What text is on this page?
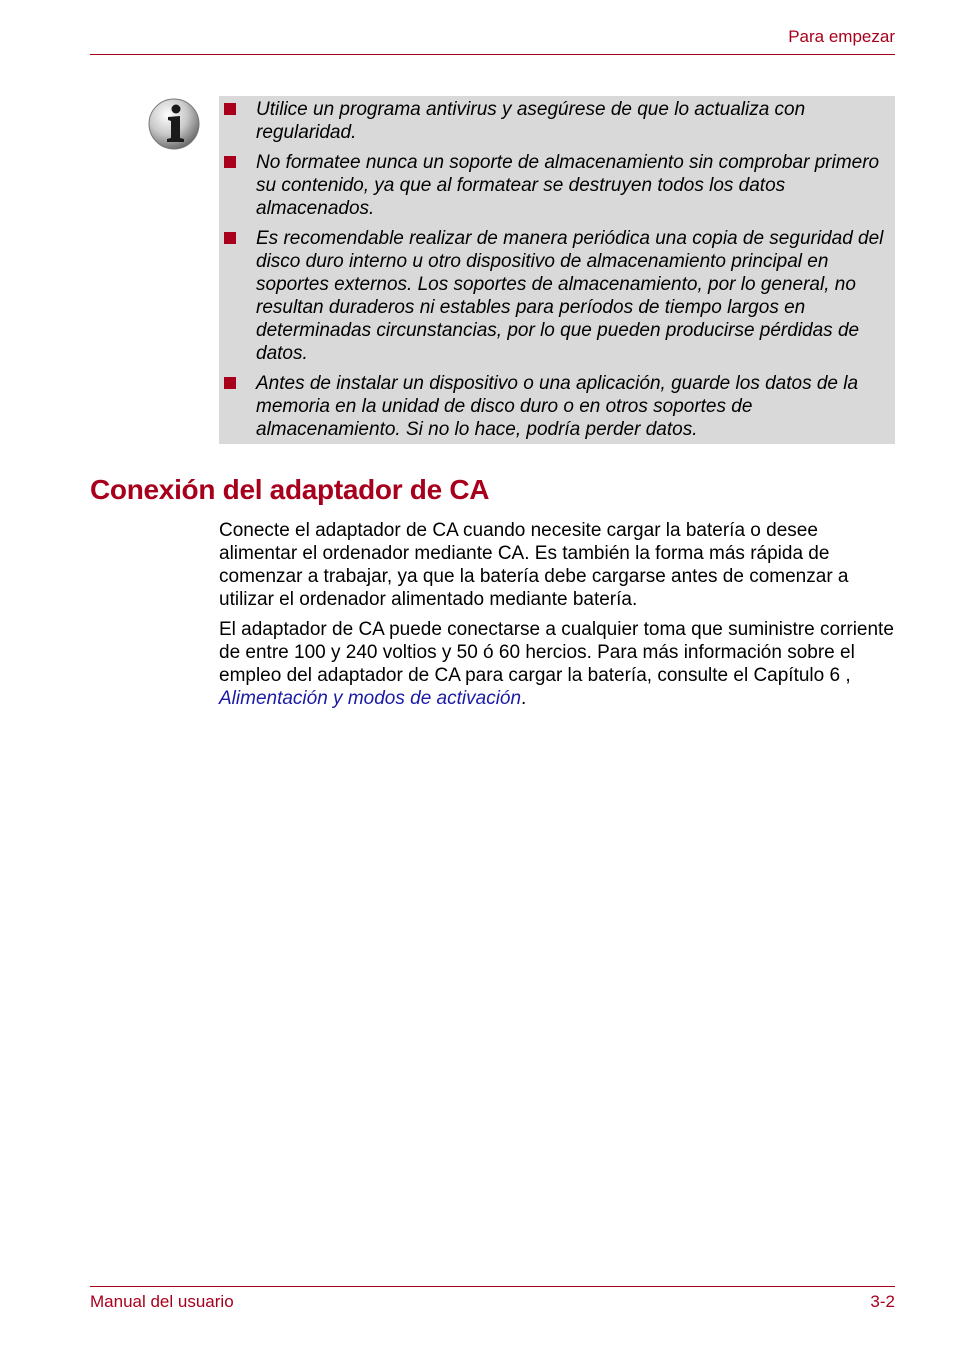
Para empezar
Utilice un programa antivirus y asegúrese de que lo actualiza con regularidad.
No formatee nunca un soporte de almacenamiento sin comprobar primero su contenido, ya que al formatear se destruyen todos los datos almacenados.
Es recomendable realizar de manera periódica una copia de seguridad del disco duro interno u otro dispositivo de almacenamiento principal en soportes externos. Los soportes de almacenamiento, por lo general, no resultan duraderos ni estables para períodos de tiempo largos en determinadas circunstancias, por lo que pueden producirse pérdidas de datos.
Antes de instalar un dispositivo o una aplicación, guarde los datos de la memoria en la unidad de disco duro o en otros soportes de almacenamiento. Si no lo hace, podría perder datos.
Conexión del adaptador de CA

Conecte el adaptador de CA cuando necesite cargar la batería o desee alimentar el ordenador mediante CA. Es también la forma más rápida de comenzar a trabajar, ya que la batería debe cargarse antes de comenzar a utilizar el ordenador alimentado mediante batería.

El adaptador de CA puede conectarse a cualquier toma que suministre corriente de entre 100 y 240 voltios y 50 ó 60 hercios. Para más información sobre el empleo del adaptador de CA para cargar la batería, consulte el Capítulo 6 , Alimentación y modos de activación.

Manual del usuario	3-2
